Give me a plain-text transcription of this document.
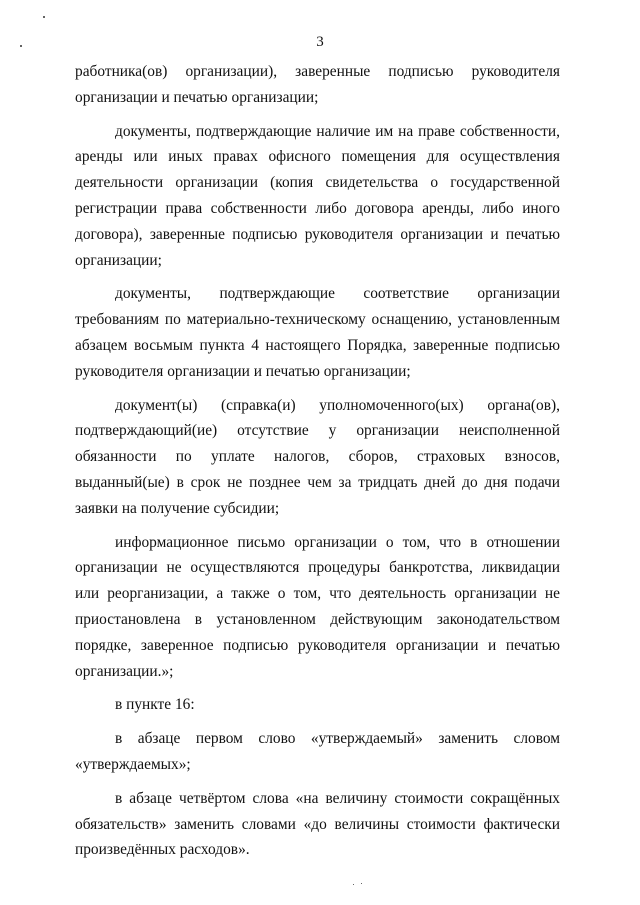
3

работника(ов) организации), заверенные подписью руководителя организации и печатью организации;

документы, подтверждающие наличие им на праве собственности, аренды или иных правах офисного помещения для осуществления деятельности организации (копия свидетельства о государственной регистрации права собственности либо договора аренды, либо иного договора), заверенные подписью руководителя организации и печатью организации;

документы, подтверждающие соответствие организации требованиям по материально-техническому оснащению, установленным абзацем восьмым пункта 4 настоящего Порядка, заверенные подписью руководителя организации и печатью организации;

документ(ы) (справка(и) уполномоченного(ых) органа(ов), подтверждающий(ие) отсутствие у организации неисполненной обязанности по уплате налогов, сборов, страховых взносов, выданный(ые) в срок не позднее чем за тридцать дней до дня подачи заявки на получение субсидии;

информационное письмо организации о том, что в отношении организации не осуществляются процедуры банкротства, ликвидации или реорганизации, а также о том, что деятельность организации не приостановлена в установленном действующим законодательством порядке, заверенное подписью руководителя организации и печатью организации.»;

в пункте 16:

в абзаце первом слово «утверждаемый» заменить словом «утверждаемых»;

в абзаце четвёртом слова «на величину стоимости сокращённых обязательств» заменить словами «до величины стоимости фактически произведённых расходов».
